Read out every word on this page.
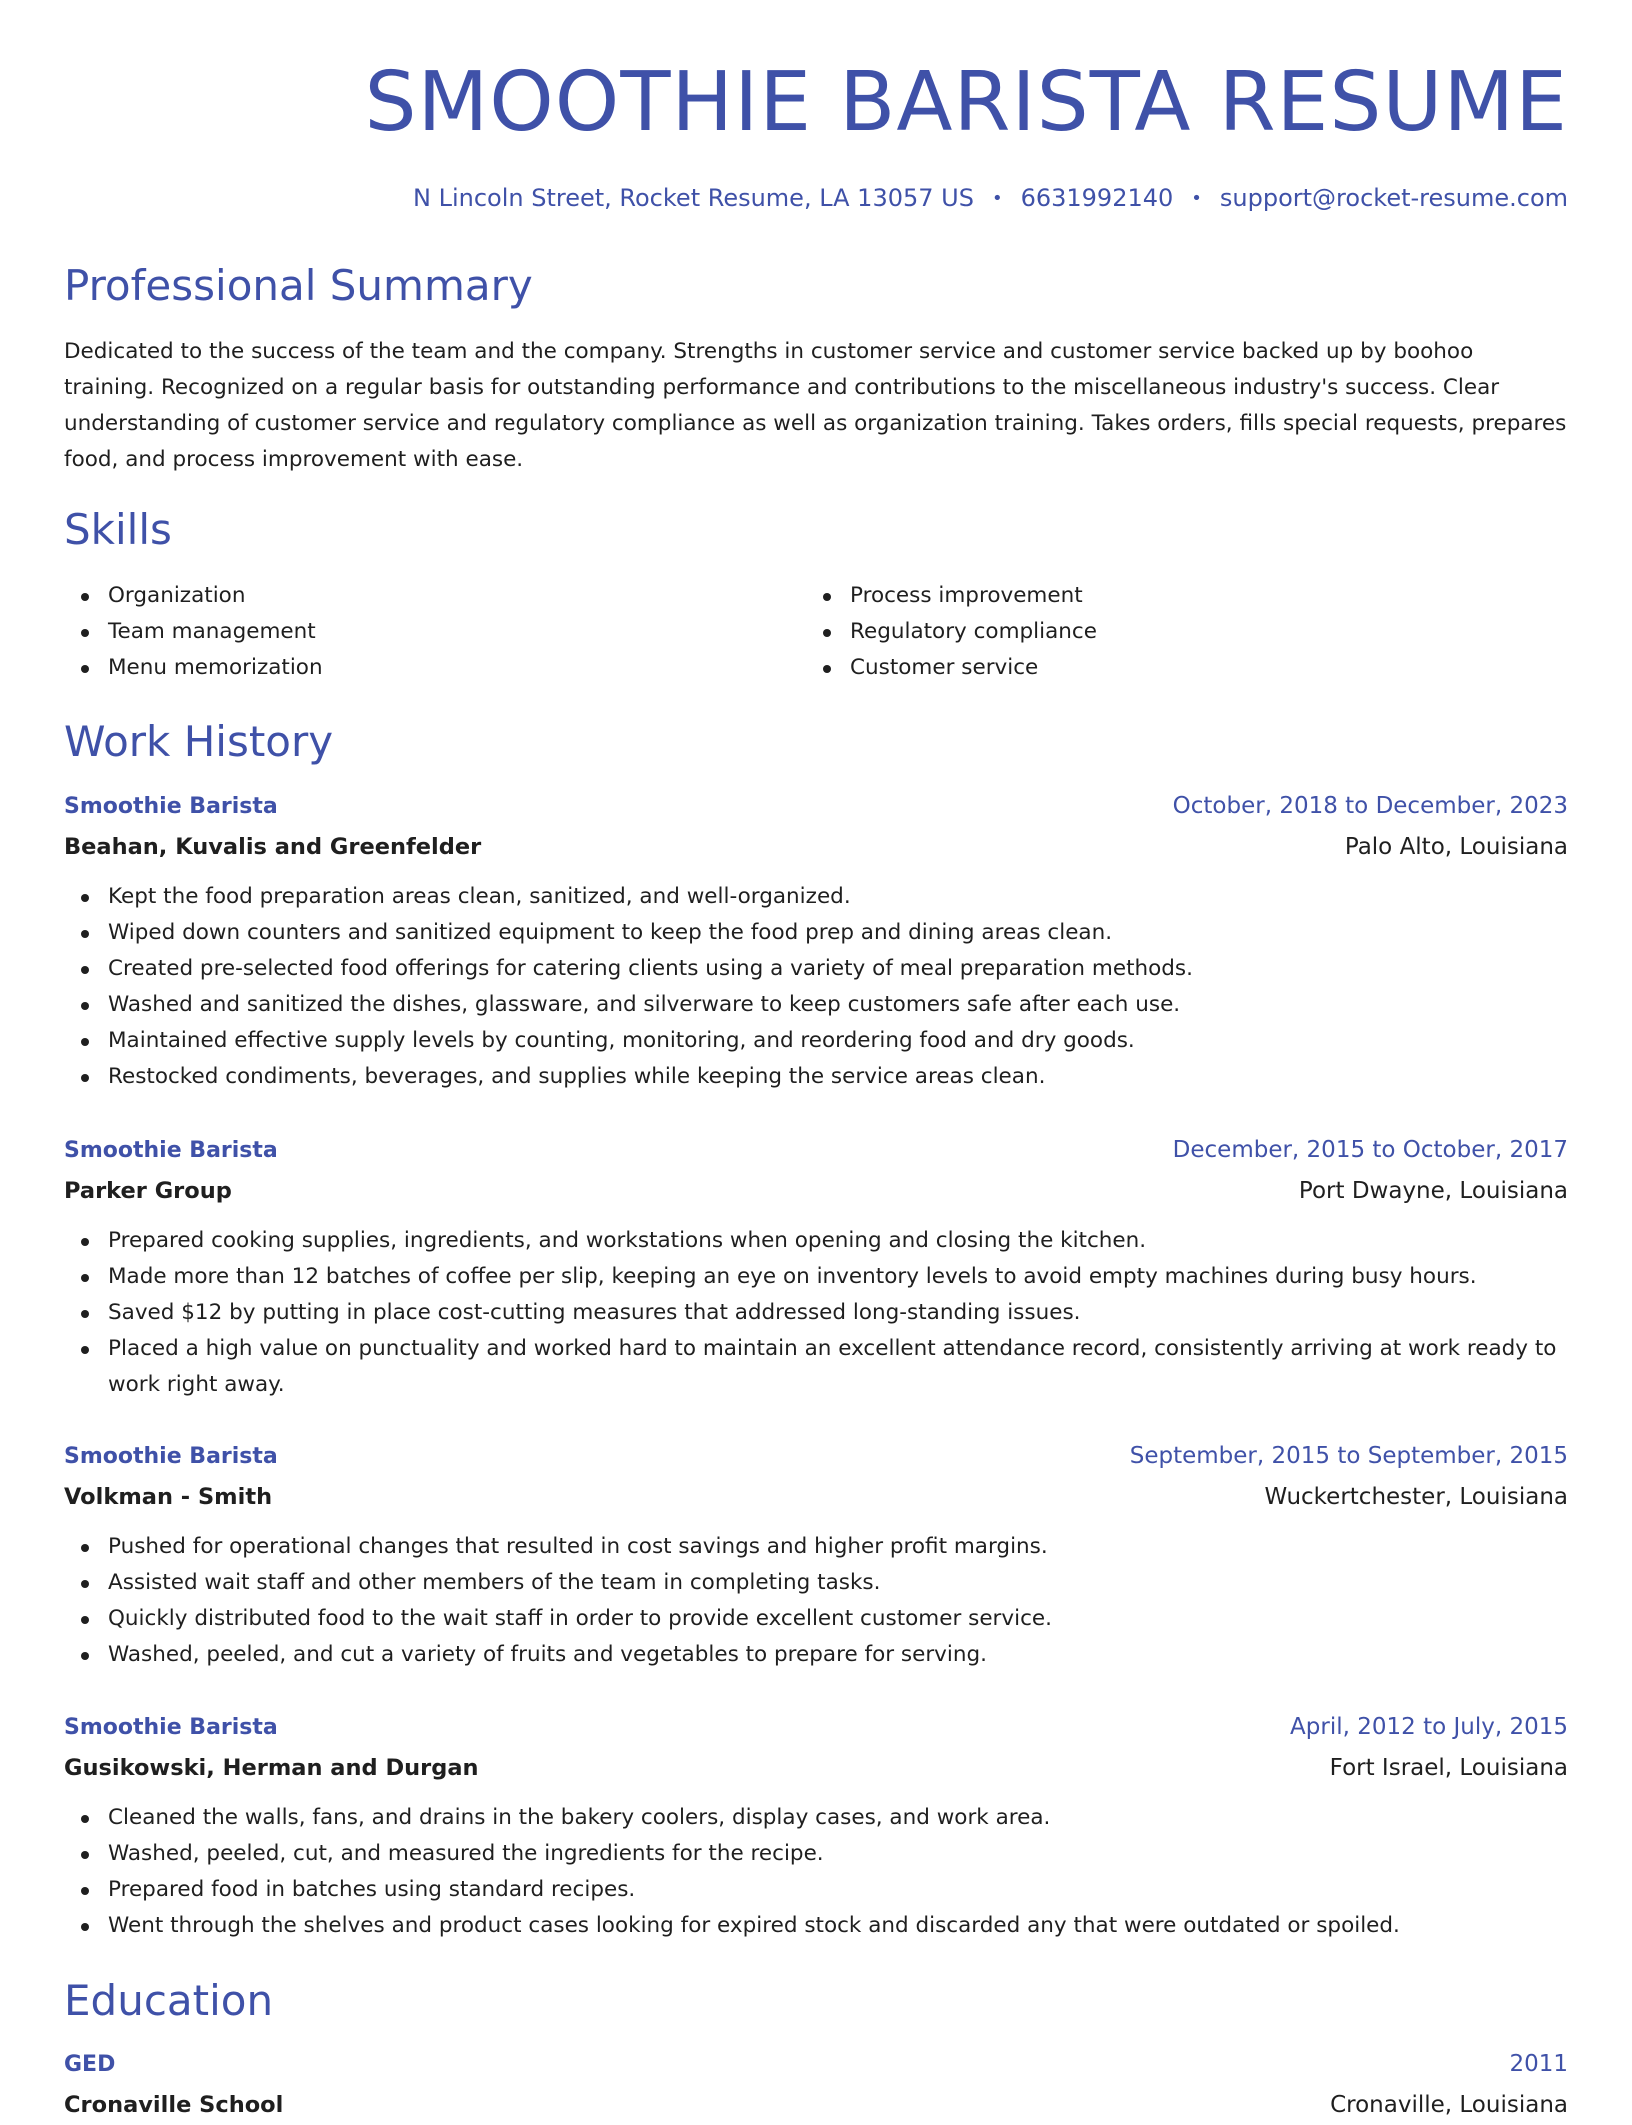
SMOOTHIE BARISTA RESUME
N Lincoln Street, Rocket Resume, LA 13057 US • 6631992140 • support@rocket-resume.com
Professional Summary

Dedicated to the success of the team and the company. Strengths in customer service and customer service backed up by boohoo training. Recognized on a regular basis for outstanding performance and contributions to the miscellaneous industry's success. Clear understanding of customer service and regulatory compliance as well as organization training. Takes orders, fills special requests, prepares food, and process improvement with ease.

Skills
Organization
Team management
Menu memorization
Process improvement
Regulatory compliance
Customer service
Work History
Smoothie Barista	October, 2018 to December, 2023
Beahan, Kuvalis and Greenfelder	Palo Alto, Louisiana
Kept the food preparation areas clean, sanitized, and well-organized.
Wiped down counters and sanitized equipment to keep the food prep and dining areas clean.
Created pre-selected food offerings for catering clients using a variety of meal preparation methods.
Washed and sanitized the dishes, glassware, and silverware to keep customers safe after each use.
Maintained effective supply levels by counting, monitoring, and reordering food and dry goods.
Restocked condiments, beverages, and supplies while keeping the service areas clean.
Smoothie Barista	December, 2015 to October, 2017
Parker Group	Port Dwayne, Louisiana
Prepared cooking supplies, ingredients, and workstations when opening and closing the kitchen.
Made more than 12 batches of coffee per slip, keeping an eye on inventory levels to avoid empty machines during busy hours.
Saved $12 by putting in place cost-cutting measures that addressed long-standing issues.
Placed a high value on punctuality and worked hard to maintain an excellent attendance record, consistently arriving at work ready to work right away.
Smoothie Barista	September, 2015 to September, 2015
Volkman - Smith	Wuckertchester, Louisiana
Pushed for operational changes that resulted in cost savings and higher profit margins.
Assisted wait staff and other members of the team in completing tasks.
Quickly distributed food to the wait staff in order to provide excellent customer service.
Washed, peeled, and cut a variety of fruits and vegetables to prepare for serving.
Smoothie Barista	April, 2012 to July, 2015
Gusikowski, Herman and Durgan	Fort Israel, Louisiana
Cleaned the walls, fans, and drains in the bakery coolers, display cases, and work area.
Washed, peeled, cut, and measured the ingredients for the recipe.
Prepared food in batches using standard recipes.
Went through the shelves and product cases looking for expired stock and discarded any that were outdated or spoiled.
Education
GED	2011
Cronaville School	Cronaville, Louisiana
